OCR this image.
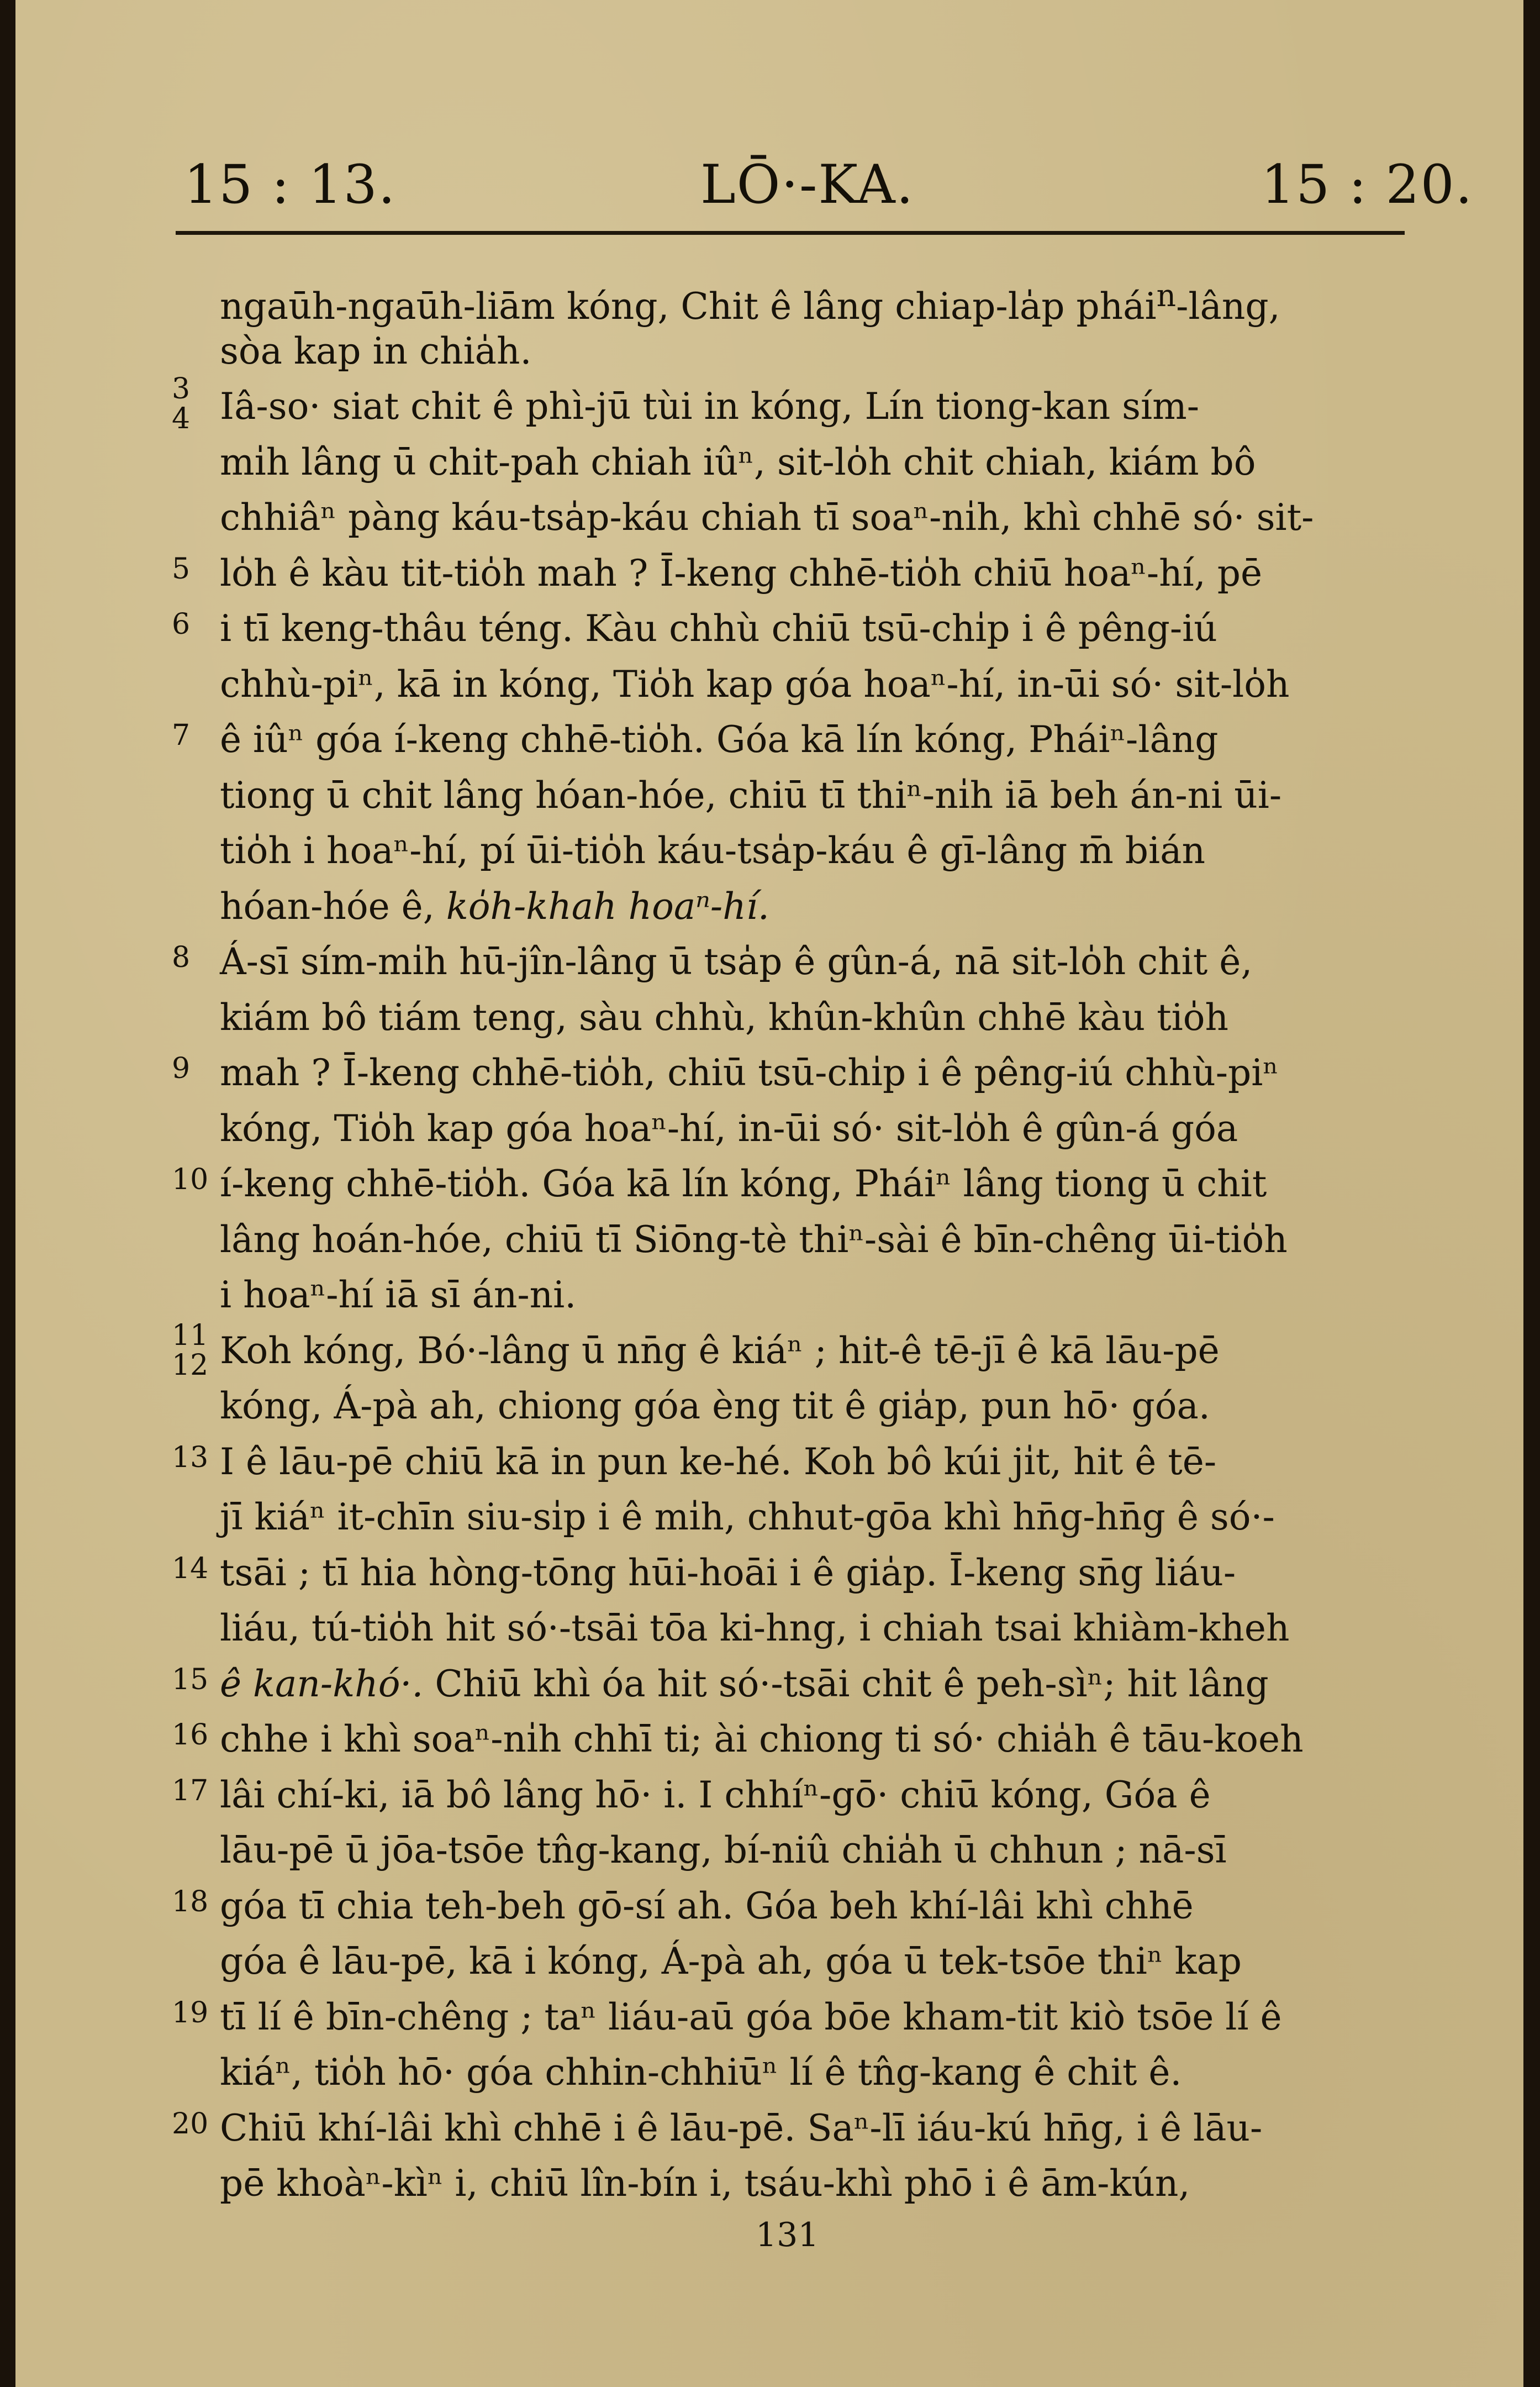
15 : 13.	LŌ·-KA.	15 : 20.
ngaūh-ngaūh-liām kóng, Chit ê lâng chiap-la̍p phái$^n$-lâng,
sòa kap in chia̍h.
Iâ-so· siat chit ê phì-jū tùi in kóng, Lín tiong-kan sím-
mi̍h lâng ū chit-pah chiah iûⁿ, sit-lo̍h chit chiah, kiám bô
chhiâⁿ pàng káu-tsa̍p-káu chiah tī soaⁿ-ni̍h, khì chhē só· sit-
lo̍h ê kàu tit-tio̍h mah ? Ī-keng chhē-tio̍h chiū hoaⁿ-hí, pē
i tī keng-thâu téng. Kàu chhù chiū tsū-chi̍p i ê pêng-iú
chhù-piⁿ, kā in kóng, Tio̍h kap góa hoaⁿ-hí, in-ūi só· sit-lo̍h
ê iûⁿ góa í-keng chhē-tio̍h. Góa kā lín kóng, Pháiⁿ-lâng
tiong ū chit lâng hóan-hóe, chiū tī thiⁿ-ni̍h iā beh án-ni ūi-
tio̍h i hoaⁿ-hí, pí ūi-tio̍h káu-tsa̍p-káu ê gī-lâng m̄ bián
hóan-hóe ê, ko̍h-khah hoaⁿ-hí.
Á-sī sím-mi̍h hū-jîn-lâng ū tsa̍p ê gûn-á, nā sit-lo̍h chit ê,
kiám bô tiám teng, sàu chhù, khûn-khûn chhē kàu tio̍h
mah ? Ī-keng chhē-tio̍h, chiū tsū-chi̍p i ê pêng-iú chhù-piⁿ
kóng, Tio̍h kap góa hoaⁿ-hí, in-ūi só· sit-lo̍h ê gûn-á góa
í-keng chhē-tio̍h. Góa kā lín kóng, Pháiⁿ lâng tiong ū chit
lâng hoán-hóe, chiū tī Siōng-tè thiⁿ-sài ê bīn-chêng ūi-tio̍h
i hoaⁿ-hí iā sī án-ni.
Koh kóng, Bó·-lâng ū nn̄g ê kiáⁿ ; hit-ê tē-jī ê kā lāu-pē
kóng, Á-pà ah, chiong góa èng tit ê gia̍p, pun hō· góa.
I ê lāu-pē chiū kā in pun ke-hé. Koh bô kúi ji̍t, hit ê tē-
jī kiáⁿ it-chīn siu-si̍p i ê mi̍h, chhut-gōa khì hn̄g-hn̄g ê só·-
tsāi ; tī hia hòng-tōng hūi-hoāi i ê gia̍p. Ī-keng sn̄g liáu-
liáu, tú-tio̍h hit só·-tsāi tōa ki-hng, i chiah tsai khiàm-kheh
ê kan-khó·. Chiū khì óa hit só·-tsāi chit ê peh-sìⁿ; hit lâng
chhe i khì soaⁿ-ni̍h chhī ti; ài chiong ti só· chia̍h ê tāu-koeh
lâi chí-ki, iā bô lâng hō· i. I chhíⁿ-gō· chiū kóng, Góa ê
lāu-pē ū jōa-tsōe tn̂g-kang, bí-niû chia̍h ū chhun ; nā-sī
góa tī chia teh-beh gō-sí ah. Góa beh khí-lâi khì chhē
góa ê lāu-pē, kā i kóng, Á-pà ah, góa ū tek-tsōe thiⁿ kap
tī lí ê bīn-chêng ; taⁿ liáu-aū góa bōe kham-tit kiò tsōe lí ê
kiáⁿ, tio̍h hō· góa chhin-chhiūⁿ lí ê tn̂g-kang ê chit ê.
Chiū khí-lâi khì chhē i ê lāu-pē. Saⁿ-lī iáu-kú hn̄g, i ê lāu-
pē khoàⁿ-kìⁿ i, chiū lîn-bín i, tsáu-khì phō i ê ām-kún,
3
4
5
6
7
8
9
10
11
12
13
14
15
16
17
18
19
20
131
